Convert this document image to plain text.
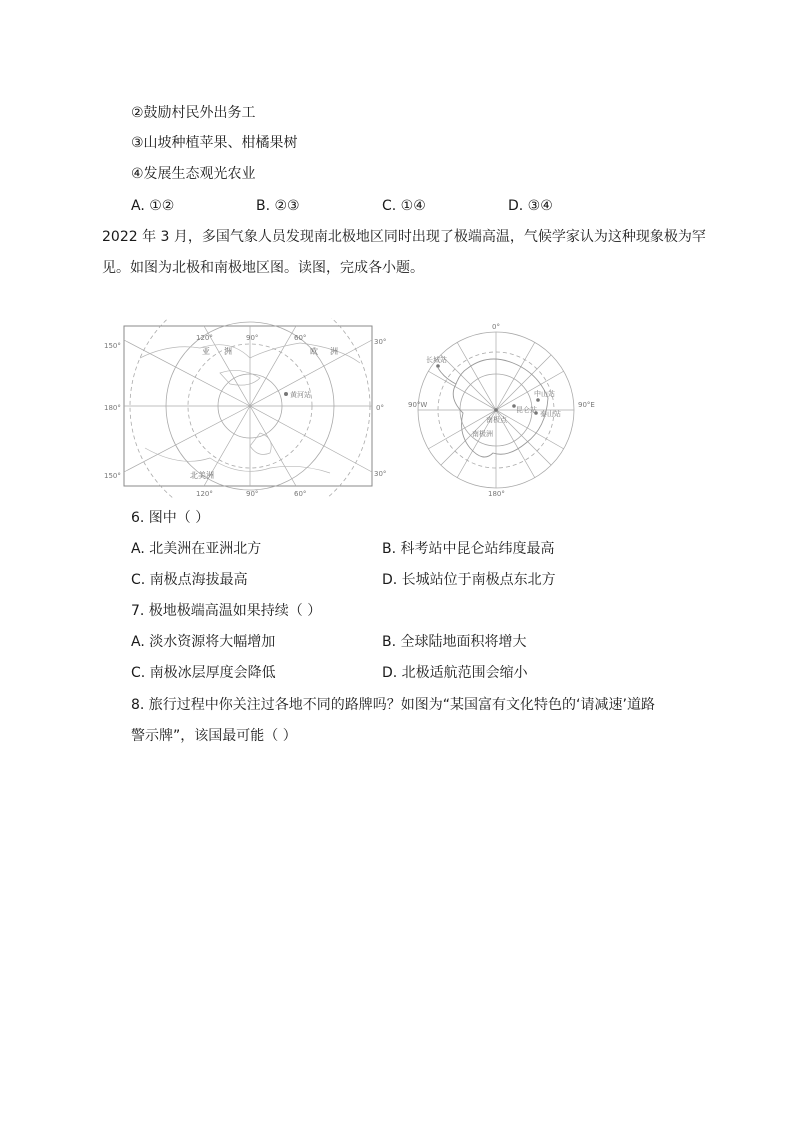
②鼓励村民外出务工
③山坡种植苹果、柑橘果树
④发展生态观光农业
A. ①②	B. ②③	C. ①④	D. ③④
2022 年 3 月，多国气象人员发现南北极地区同时出现了极端高温，气候学家认为这种现象极为罕
见。如图为北极和南极地区图。读图，完成各小题。
120°	90°	60°
150°	30°
180°	0°
150°	30°
120°	90°	60°
亚 洲	欧 洲
北美洲
黄河站
0°
90°W	90°E
180°
长城站
中山站
泰山站
昆仑站
南极点
南极洲
6. 图中（ ）
A. 北美洲在亚洲北方	B. 科考站中昆仑站纬度最高
C. 南极点海拔最高	D. 长城站位于南极点东北方
7. 极地极端高温如果持续（ ）
A. 淡水资源将大幅增加	B. 全球陆地面积将增大
C. 南极冰层厚度会降低	D. 北极适航范围会缩小
8. 旅行过程中你关注过各地不同的路牌吗？如图为“某国富有文化特色的‘请减速’道路
警示牌”，该国最可能（ ）
